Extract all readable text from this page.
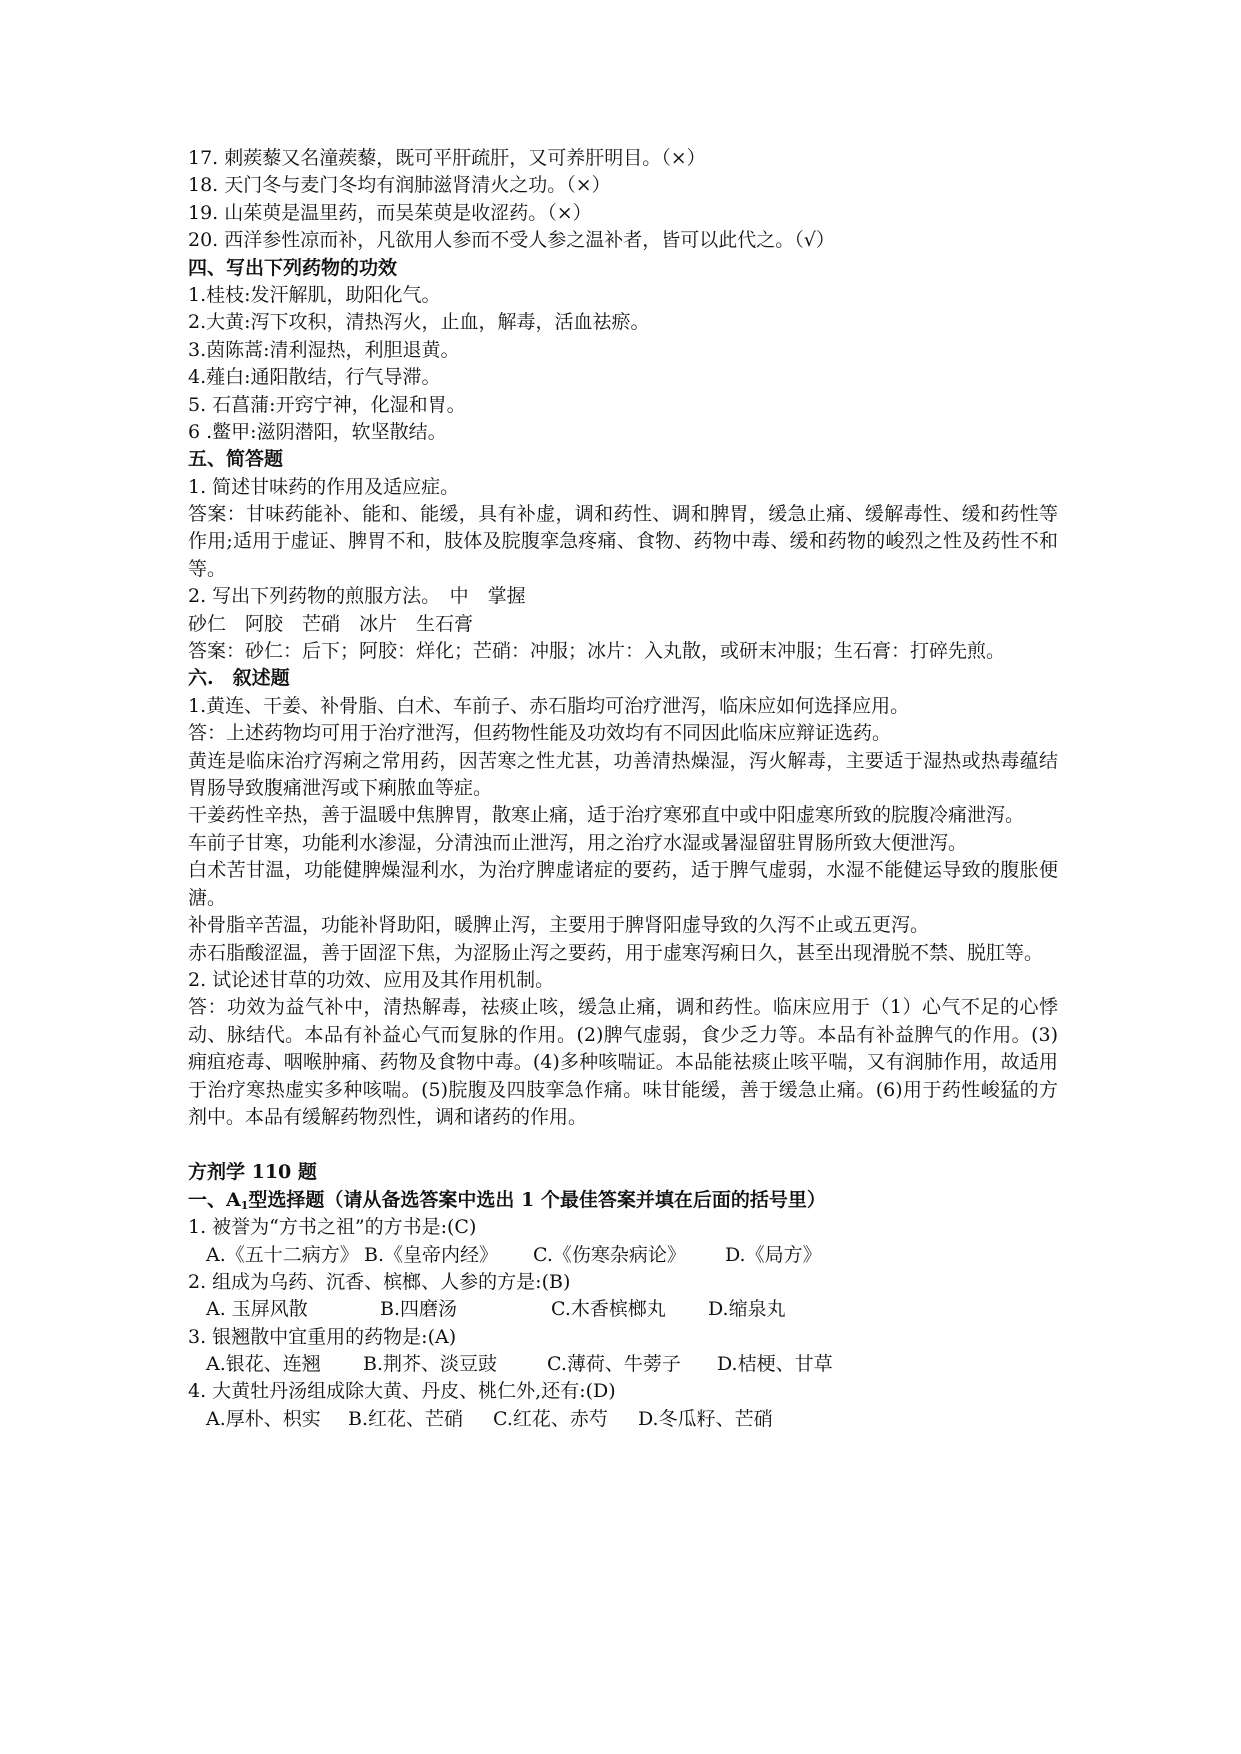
17. 刺蒺藜又名潼蒺藜，既可平肝疏肝，又可养肝明目。（×）
18. 天门冬与麦门冬均有润肺滋肾清火之功。（×）
19. 山茱萸是温里药，而吴茱萸是收涩药。（×）
20. 西洋参性凉而补，凡欲用人参而不受人参之温补者，皆可以此代之。（√）
四、写出下列药物的功效
1.桂枝:发汗解肌，助阳化气。
2.大黄:泻下攻积，清热泻火，止血，解毒，活血祛瘀。
3.茵陈蒿:清利湿热，利胆退黄。
4.薤白:通阳散结，行气导滞。
5. 石菖蒲:开窍宁神，化湿和胃。
6 .鳖甲:滋阴潜阳，软坚散结。
五、简答题
1. 简述甘味药的作用及适应症。
答案：甘味药能补、能和、能缓，具有补虚，调和药性、调和脾胃，缓急止痛、缓解毒性、缓和药性等作用;适用于虚证、脾胃不和，肢体及脘腹挛急疼痛、食物、药物中毒、缓和药物的峻烈之性及药性不和等。
2. 写出下列药物的煎服方法。　中　掌握
砂仁　阿胶　芒硝　冰片　生石膏
答案：砂仁：后下；阿胶：烊化；芒硝：冲服；冰片：入丸散，或研末冲服；生石膏：打碎先煎。
六.　叙述题
1.黄连、干姜、补骨脂、白术、车前子、赤石脂均可治疗泄泻，临床应如何选择应用。
答：上述药物均可用于治疗泄泻，但药物性能及功效均有不同因此临床应辩证选药。
黄连是临床治疗泻痢之常用药，因苦寒之性尤甚，功善清热燥湿，泻火解毒，主要适于湿热或热毒蕴结胃肠导致腹痛泄泻或下痢脓血等症。
干姜药性辛热，善于温暖中焦脾胃，散寒止痛，适于治疗寒邪直中或中阳虚寒所致的脘腹冷痛泄泻。
车前子甘寒，功能利水渗湿，分清浊而止泄泻，用之治疗水湿或暑湿留驻胃肠所致大便泄泻。
白术苦甘温，功能健脾燥湿利水，为治疗脾虚诸症的要药，适于脾气虚弱，水湿不能健运导致的腹胀便溏。
补骨脂辛苦温，功能补肾助阳，暖脾止泻，主要用于脾肾阳虚导致的久泻不止或五更泻。
赤石脂酸涩温，善于固涩下焦，为涩肠止泻之要药，用于虚寒泻痢日久，甚至出现滑脱不禁、脱肛等。
2. 试论述甘草的功效、应用及其作用机制。
答：功效为益气补中，清热解毒，祛痰止咳，缓急止痛，调和药性。临床应用于（1）心气不足的心悸动、脉结代。本品有补益心气而复脉的作用。(2)脾气虚弱，食少乏力等。本品有补益脾气的作用。(3)痈疽疮毒、咽喉肿痛、药物及食物中毒。(4)多种咳喘证。本品能祛痰止咳平喘，又有润肺作用，故适用于治疗寒热虚实多种咳喘。(5)脘腹及四肢挛急作痛。味甘能缓，善于缓急止痛。(6)用于药性峻猛的方剂中。本品有缓解药物烈性，调和诸药的作用。
方剂学 110 题
一、$A_1$型选择题（请从备选答案中选出 1 个最佳答案并填在后面的括号里）
1. 被誉为“方书之祖”的方书是:(C)
A.《五十二病方》 B.《皇帝内经》 C.《伤寒杂病论》 D.《局方》
2. 组成为乌药、沉香、槟榔、人参的方是:(B)
A. 玉屏风散	B.四磨汤	C.木香槟榔丸 D.缩泉丸
3. 银翘散中宜重用的药物是:(A)
A.银花、连翘 B.荆芥、淡豆豉	C.薄荷、牛蒡子 D.桔梗、甘草
4. 大黄牡丹汤组成除大黄、丹皮、桃仁外,还有:(D)
A.厚朴、枳实 B.红花、芒硝 C.红花、赤芍 D.冬瓜籽、芒硝
